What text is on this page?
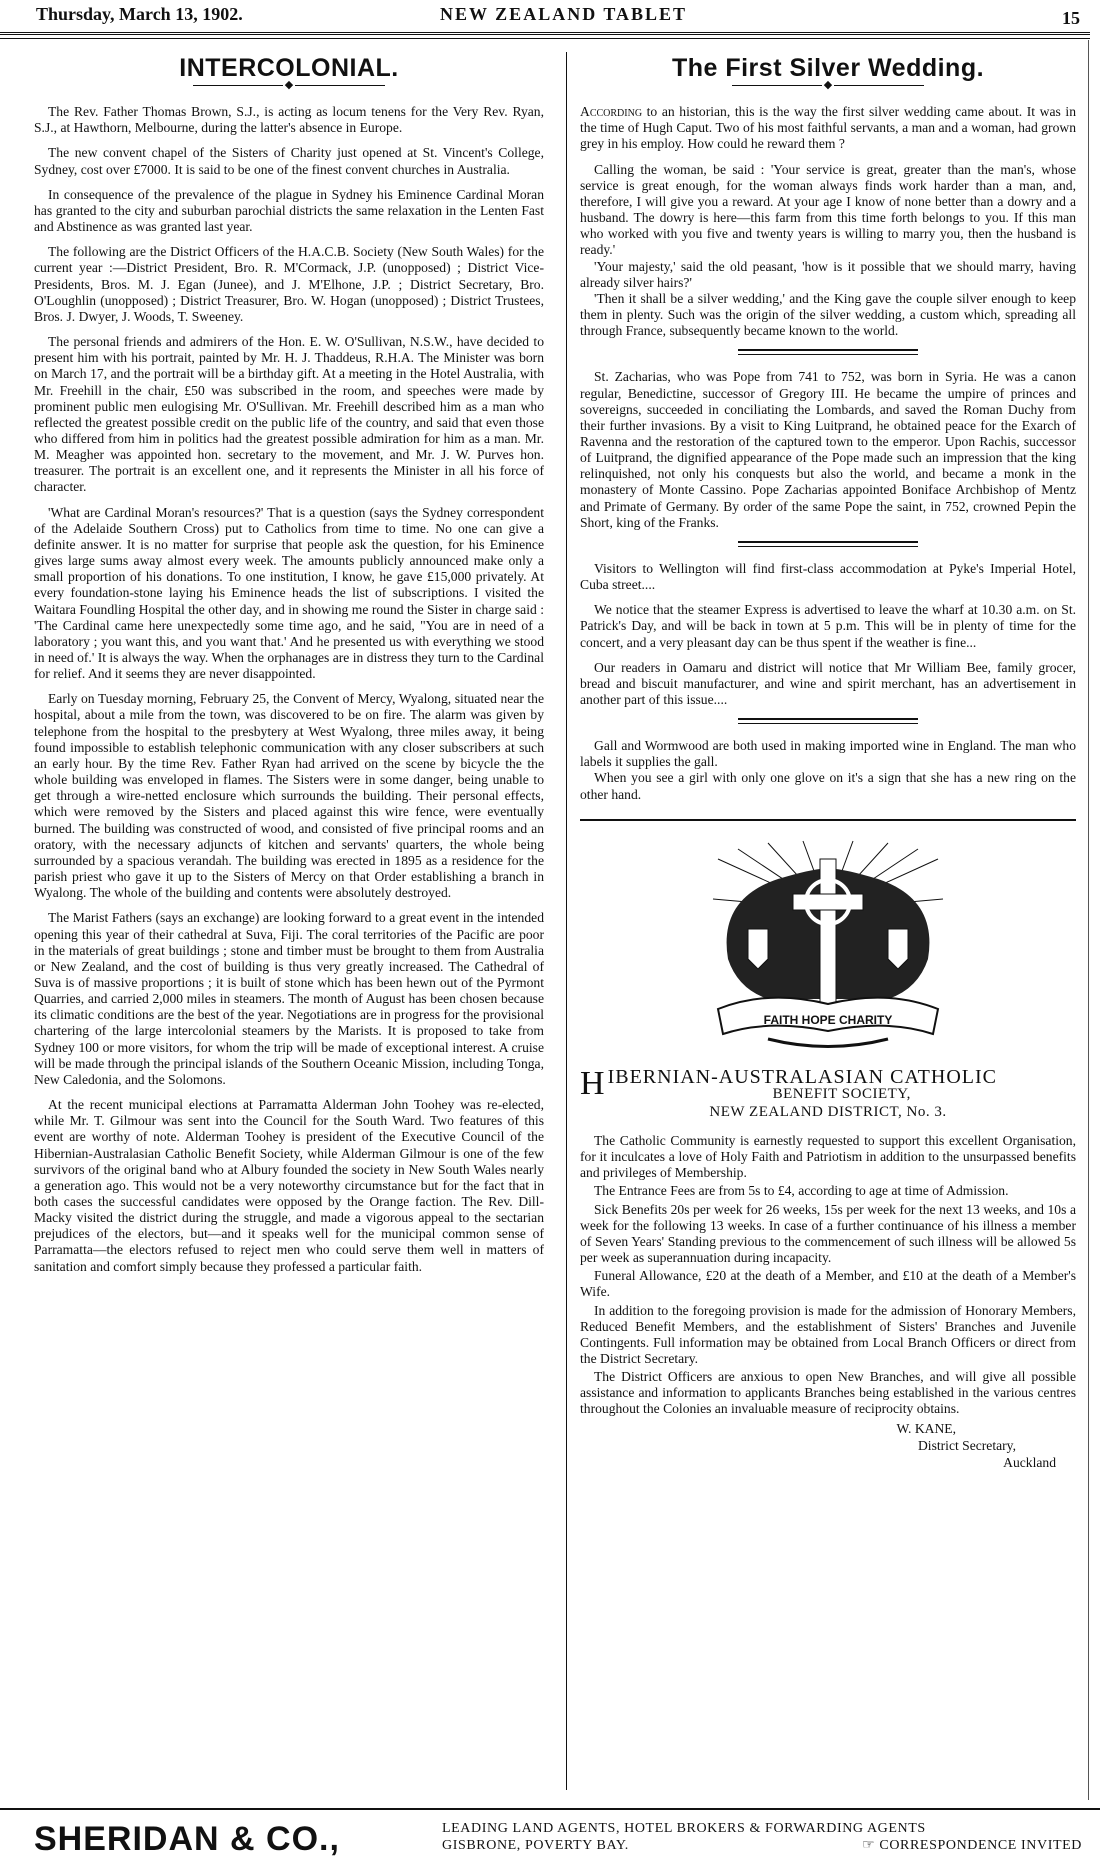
Thursday, March 13, 1902.	NEW ZEALAND TABLET	15
INTERCOLONIAL.
◆

The Rev. Father Thomas Brown, S.J., is acting as locum tenens for the Very Rev. Ryan, S.J., at Hawthorn, Melbourne, during the latter's absence in Europe.

The new convent chapel of the Sisters of Charity just opened at St. Vincent's College, Sydney, cost over £7000. It is said to be one of the finest convent churches in Australia.

In consequence of the prevalence of the plague in Sydney his Eminence Cardinal Moran has granted to the city and suburban parochial districts the same relaxation in the Lenten Fast and Abstinence as was granted last year.

The following are the District Officers of the H.A.C.B. Society (New South Wales) for the current year :—District President, Bro. R. M'Cormack, J.P. (unopposed) ; District Vice-Presidents, Bros. M. J. Egan (Junee), and J. M'Elhone, J.P. ; District Secretary, Bro. O'Loughlin (unopposed) ; District Treasurer, Bro. W. Hogan (unopposed) ; District Trustees, Bros. J. Dwyer, J. Woods, T. Sweeney.

The personal friends and admirers of the Hon. E. W. O'Sullivan, N.S.W., have decided to present him with his portrait, painted by Mr. H. J. Thaddeus, R.H.A. The Minister was born on March 17, and the portrait will be a birthday gift. At a meeting in the Hotel Australia, with Mr. Freehill in the chair, £50 was subscribed in the room, and speeches were made by prominent public men eulogising Mr. O'Sullivan. Mr. Freehill described him as a man who reflected the greatest possible credit on the public life of the country, and said that even those who differed from him in politics had the greatest possible admiration for him as a man. Mr. M. Meagher was appointed hon. secretary to the movement, and Mr. J. W. Purves hon. treasurer. The portrait is an excellent one, and it represents the Minister in all his force of character.

'What are Cardinal Moran's resources?' That is a question (says the Sydney correspondent of the Adelaide Southern Cross) put to Catholics from time to time. No one can give a definite answer. It is no matter for surprise that people ask the question, for his Eminence gives large sums away almost every week. The amounts publicly announced make only a small proportion of his donations. To one institution, I know, he gave £15,000 privately. At every foundation-stone laying his Eminence heads the list of subscriptions. I visited the Waitara Foundling Hospital the other day, and in showing me round the Sister in charge said : 'The Cardinal came here unexpectedly some time ago, and he said, "You are in need of a laboratory ; you want this, and you want that.' And he presented us with everything we stood in need of.' It is always the way. When the orphanages are in distress they turn to the Cardinal for relief. And it seems they are never disappointed.

Early on Tuesday morning, February 25, the Convent of Mercy, Wyalong, situated near the hospital, about a mile from the town, was discovered to be on fire. The alarm was given by telephone from the hospital to the presbytery at West Wyalong, three miles away, it being found impossible to establish telephonic communication with any closer subscribers at such an early hour. By the time Rev. Father Ryan had arrived on the scene by bicycle the the whole building was enveloped in flames. The Sisters were in some danger, being unable to get through a wire-netted enclosure which surrounds the building. Their personal effects, which were removed by the Sisters and placed against this wire fence, were eventually burned. The building was constructed of wood, and consisted of five principal rooms and an oratory, with the necessary adjuncts of kitchen and servants' quarters, the whole being surrounded by a spacious verandah. The building was erected in 1895 as a residence for the parish priest who gave it up to the Sisters of Mercy on that Order establishing a branch in Wyalong. The whole of the building and contents were absolutely destroyed.

The Marist Fathers (says an exchange) are looking forward to a great event in the intended opening this year of their cathedral at Suva, Fiji. The coral territories of the Pacific are poor in the materials of great buildings ; stone and timber must be brought to them from Australia or New Zealand, and the cost of building is thus very greatly increased. The Cathedral of Suva is of massive proportions ; it is built of stone which has been hewn out of the Pyrmont Quarries, and carried 2,000 miles in steamers. The month of August has been chosen because its climatic conditions are the best of the year. Negotiations are in progress for the provisional chartering of the large intercolonial steamers by the Marists. It is proposed to take from Sydney 100 or more visitors, for whom the trip will be made of exceptional interest. A cruise will be made through the principal islands of the Southern Oceanic Mission, including Tonga, New Caledonia, and the Solomons.

At the recent municipal elections at Parramatta Alderman John Toohey was re-elected, while Mr. T. Gilmour was sent into the Council for the South Ward. Two features of this event are worthy of note. Alderman Toohey is president of the Executive Council of the Hibernian-Australasian Catholic Benefit Society, while Alderman Gilmour is one of the few survivors of the original band who at Albury founded the society in New South Wales nearly a generation ago. This would not be a very noteworthy circumstance but for the fact that in both cases the successful candidates were opposed by the Orange faction. The Rev. Dill-Macky visited the district during the struggle, and made a vigorous appeal to the sectarian prejudices of the electors, but—and it speaks well for the municipal common sense of Parramatta—the electors refused to reject men who could serve them well in matters of sanitation and comfort simply because they professed a particular faith.

The First Silver Wedding.
◆

According to an historian, this is the way the first silver wedding came about. It was in the time of Hugh Caput. Two of his most faithful servants, a man and a woman, had grown grey in his employ. How could he reward them ?

Calling the woman, be said : 'Your service is great, greater than the man's, whose service is great enough, for the woman always finds work harder than a man, and, therefore, I will give you a reward. At your age I know of none better than a dowry and a husband. The dowry is here—this farm from this time forth belongs to you. If this man who worked with you five and twenty years is willing to marry you, then the husband is ready.'

'Your majesty,' said the old peasant, 'how is it possible that we should marry, having already silver hairs?'

'Then it shall be a silver wedding,' and the King gave the couple silver enough to keep them in plenty. Such was the origin of the silver wedding, a custom which, spreading all through France, subsequently became known to the world.

St. Zacharias, who was Pope from 741 to 752, was born in Syria. He was a canon regular, Benedictine, successor of Gregory III. He became the umpire of princes and sovereigns, succeeded in conciliating the Lombards, and saved the Roman Duchy from their further invasions. By a visit to King Luitprand, he obtained peace for the Exarch of Ravenna and the restoration of the captured town to the emperor. Upon Rachis, successor of Luitprand, the dignified appearance of the Pope made such an impression that the king relinquished, not only his conquests but also the world, and became a monk in the monastery of Monte Cassino. Pope Zacharias appointed Boniface Archbishop of Mentz and Primate of Germany. By order of the same Pope the saint, in 752, crowned Pepin the Short, king of the Franks.

Visitors to Wellington will find first-class accommodation at Pyke's Imperial Hotel, Cuba street....

We notice that the steamer Express is advertised to leave the wharf at 10.30 a.m. on St. Patrick's Day, and will be back in town at 5 p.m. This will be in plenty of time for the concert, and a very pleasant day can be thus spent if the weather is fine...

Our readers in Oamaru and district will notice that Mr William Bee, family grocer, bread and biscuit manufacturer, and wine and spirit merchant, has an advertisement in another part of this issue....

Gall and Wormwood are both used in making imported wine in England. The man who labels it supplies the gall.

When you see a girl with only one glove on it's a sign that she has a new ring on the other hand.

FAITH HOPE CHARITY
HIBERNIAN-AUSTRALASIAN CATHOLIC
BENEFIT SOCIETY,
NEW ZEALAND DISTRICT, No. 3.

The Catholic Community is earnestly requested to support this excellent Organisation, for it inculcates a love of Holy Faith and Patriotism in addition to the unsurpassed benefits and privileges of Membership.

The Entrance Fees are from 5s to £4, according to age at time of Admission.

Sick Benefits 20s per week for 26 weeks, 15s per week for the next 13 weeks, and 10s a week for the following 13 weeks. In case of a further continuance of his illness a member of Seven Years' Standing previous to the commencement of such illness will be allowed 5s per week as superannuation during incapacity.

Funeral Allowance, £20 at the death of a Member, and £10 at the death of a Member's Wife.

In addition to the foregoing provision is made for the admission of Honorary Members, Reduced Benefit Members, and the establishment of Sisters' Branches and Juvenile Contingents. Full information may be obtained from Local Branch Officers or direct from the District Secretary.

The District Officers are anxious to open New Branches, and will give all possible assistance and information to applicants Branches being established in the various centres throughout the Colonies an invaluable measure of reciprocity obtains.

W. KANE,
District Secretary,
Auckland
SHERIDAN & CO.,	LEADING LAND AGENTS, HOTEL BROKERS & FORWARDING AGENTS
GISBRONE, POVERTY BAY.	☞ CORRESPONDENCE INVITED
